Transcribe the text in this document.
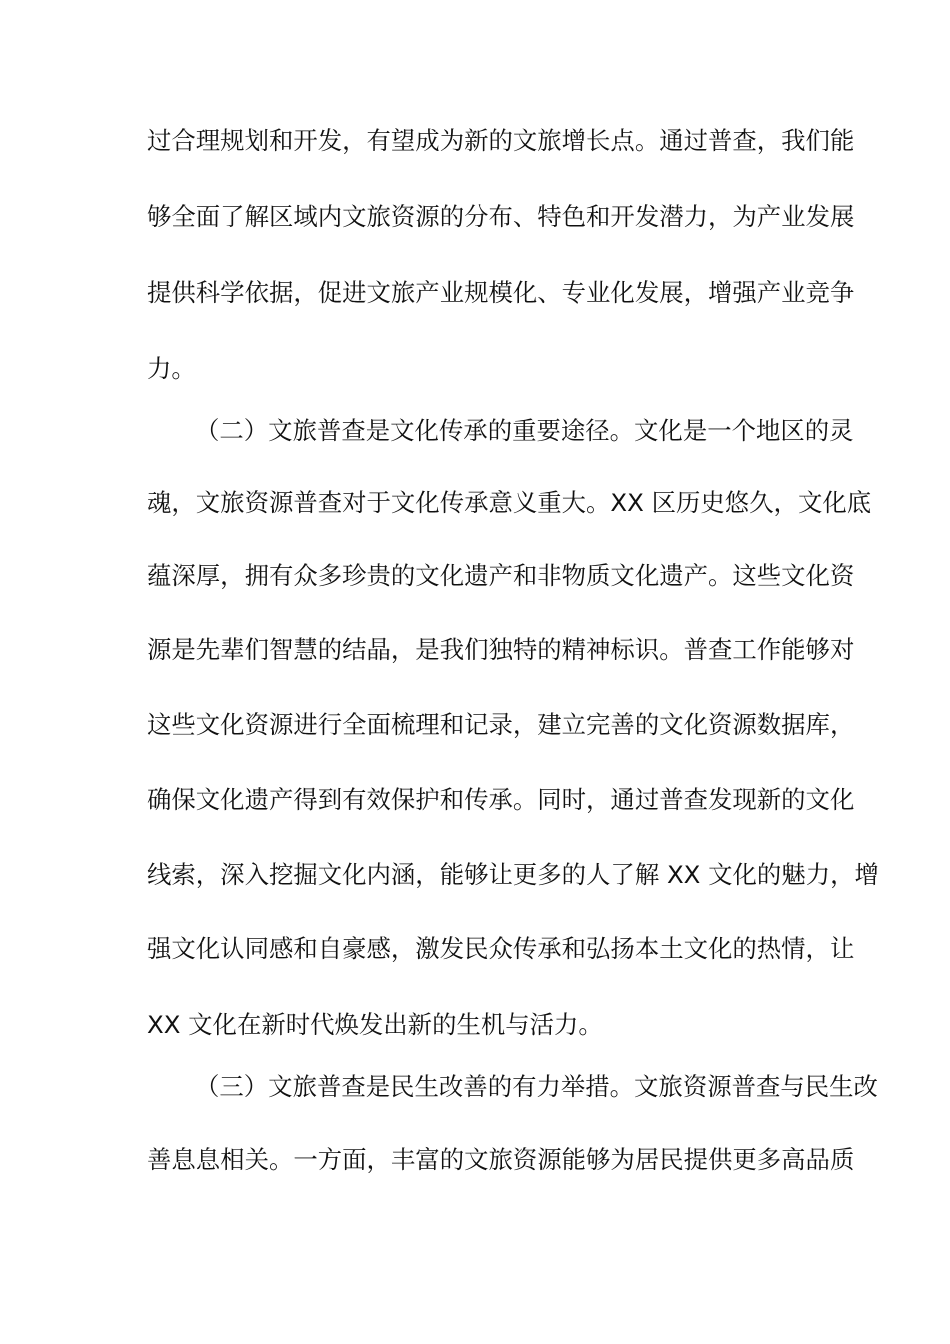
过合理规划和开发，有望成为新的文旅增长点。通过普查，我们能
够全面了解区域内文旅资源的分布、特色和开发潜力，为产业发展
提供科学依据，促进文旅产业规模化、专业化发展，增强产业竞争
力。
（二）文旅普查是文化传承的重要途径。文化是一个地区的灵
魂，文旅资源普查对于文化传承意义重大。XX 区历史悠久，文化底
蕴深厚，拥有众多珍贵的文化遗产和非物质文化遗产。这些文化资
源是先辈们智慧的结晶，是我们独特的精神标识。普查工作能够对
这些文化资源进行全面梳理和记录，建立完善的文化资源数据库，
确保文化遗产得到有效保护和传承。同时，通过普查发现新的文化
线索，深入挖掘文化内涵，能够让更多的人了解 XX 文化的魅力，增
强文化认同感和自豪感，激发民众传承和弘扬本土文化的热情，让
XX 文化在新时代焕发出新的生机与活力。
（三）文旅普查是民生改善的有力举措。文旅资源普查与民生改
善息息相关。一方面，丰富的文旅资源能够为居民提供更多高品质
